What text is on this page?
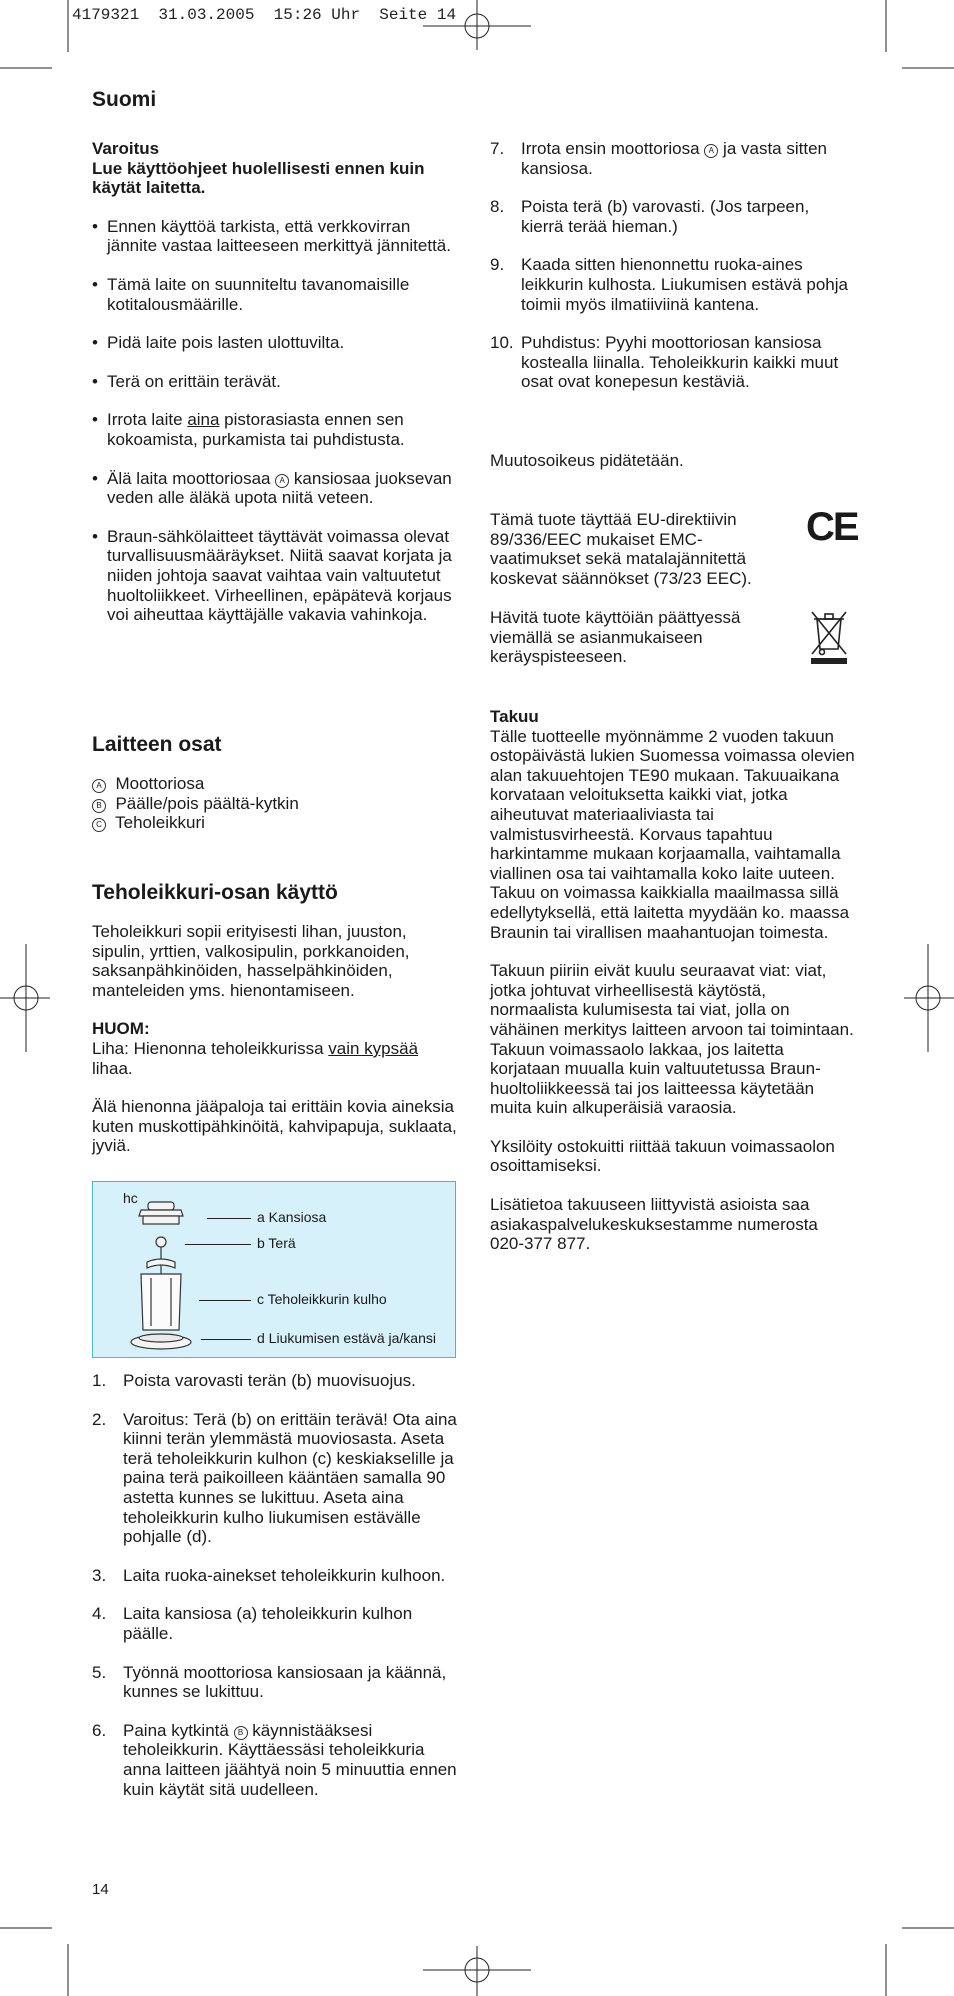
4179321  31.03.2005  15:26 Uhr  Seite 14
Suomi

Varoitus

Lue käyttöohjeet huolellisesti ennen kuin käytät laitetta.

• Ennen käyttöä tarkista, että verkkovirran jännite vastaa laitteeseen merkittyä jännitettä.

• Tämä laite on suunniteltu tavanomaisille kotitalousmäärille.

• Pidä laite pois lasten ulottuvilta.

• Terä on erittäin terävät.

• Irrota laite aina pistorasiasta ennen sen kokoamista, purkamista tai puhdistusta.

• Älä laita moottoriosaa A kansiosaa juoksevan veden alle äläkä upota niitä veteen.

• Braun-sähkölaitteet täyttävät voimassa olevat turvallisuusmääräykset. Niitä saavat korjata ja niiden johtoja saavat vaihtaa vain valtuutetut huoltoliikkeet. Virheellinen, epäpätevä korjaus voi aiheuttaa käyttäjälle vakavia vahinkoja.

Laitteen osat

A Moottoriosa

B Päälle/pois päältä-kytkin

C Teholeikkuri

Teholeikkuri-osan käyttö

Teholeikkuri sopii erityisesti lihan, juuston, sipulin, yrttien, valkosipulin, porkkanoiden, saksanpähkinöiden, hasselpähkinöiden, manteleiden yms. hienontamiseen.

HUOM:

Liha: Hienonna teholeikkurissa vain kypsää lihaa.

Älä hienonna jääpaloja tai erittäin kovia aineksia kuten muskottipähkinöitä, kahvipapuja, suklaata, jyviä.

hc
a Kansiosa
b Terä
c Teholeikkurin kulho
d Liukumisen estävä ja/kansi

1. Poista varovasti terän (b) muovisuojus.

2. Varoitus: Terä (b) on erittäin terävä! Ota aina kiinni terän ylemmästä muoviosasta. Aseta terä teholeikkurin kulhon (c) keskiakselille ja paina terä paikoilleen kääntäen samalla 90 astetta kunnes se lukittuu. Aseta aina teholeikkurin kulho liukumisen estävälle pohjalle (d).

3. Laita ruoka-ainekset teholeikkurin kulhoon.

4. Laita kansiosa (a) teholeikkurin kulhon päälle.

5. Työnnä moottoriosa kansiosaan ja käännä, kunnes se lukittuu.

6. Paina kytkintä B käynnistääksesi teholeikkurin. Käyttäessäsi teholeikkuria anna laitteen jäähtyä noin 5 minuuttia ennen kuin käytät sitä uudelleen.

14

7. Irrota ensin moottoriosa A ja vasta sitten kansiosa.

8. Poista terä (b) varovasti. (Jos tarpeen, kierrä terää hieman.)

9. Kaada sitten hienonnettu ruoka-aines leikkurin kulhosta. Liukumisen estävä pohja toimii myös ilmatiiviinä kantena.

10. Puhdistus: Pyyhi moottoriosan kansiosa kostealla liinalla. Teholeikkurin kaikki muut osat ovat konepesun kestäviä.

Muutosoikeus pidätetään.
Tämä tuote täyttää EU-direktiivin 89/336/EEC mukaiset EMC-vaatimukset sekä matalajännitettä koskevat säännökset (73/23 EEC).
CE
Hävitä tuote käyttöiän päättyessä viemällä se asianmukaiseen keräyspisteeseen.

Takuu

Tälle tuotteelle myönnämme 2 vuoden takuun ostopäivästä lukien Suomessa voimassa olevien alan takuuehtojen TE90 mukaan. Takuuaikana korvataan veloituksetta kaikki viat, jotka aiheutuvat materiaaliviasta tai valmistusvirheestä. Korvaus tapahtuu harkintamme mukaan korjaamalla, vaihtamalla viallinen osa tai vaihtamalla koko laite uuteen. Takuu on voimassa kaikkialla maailmassa sillä edellytyksellä, että laitetta myydään ko. maassa Braunin tai virallisen maahantuojan toimesta.

Takuun piiriin eivät kuulu seuraavat viat: viat, jotka johtuvat virheellisestä käytöstä, normaalista kulumisesta tai viat, jolla on vähäinen merkitys laitteen arvoon tai toimintaan. Takuun voimassaolo lakkaa, jos laitetta korjataan muualla kuin valtuutetussa Braun-huoltoliikkeessä tai jos laitteessa käytetään muita kuin alkuperäisiä varaosia.

Yksilöity ostokuitti riittää takuun voimassaolon osoittamiseksi.

Lisätietoa takuuseen liittyvistä asioista saa asiakaspalvelukeskuksestamme numerosta 020-377 877.
